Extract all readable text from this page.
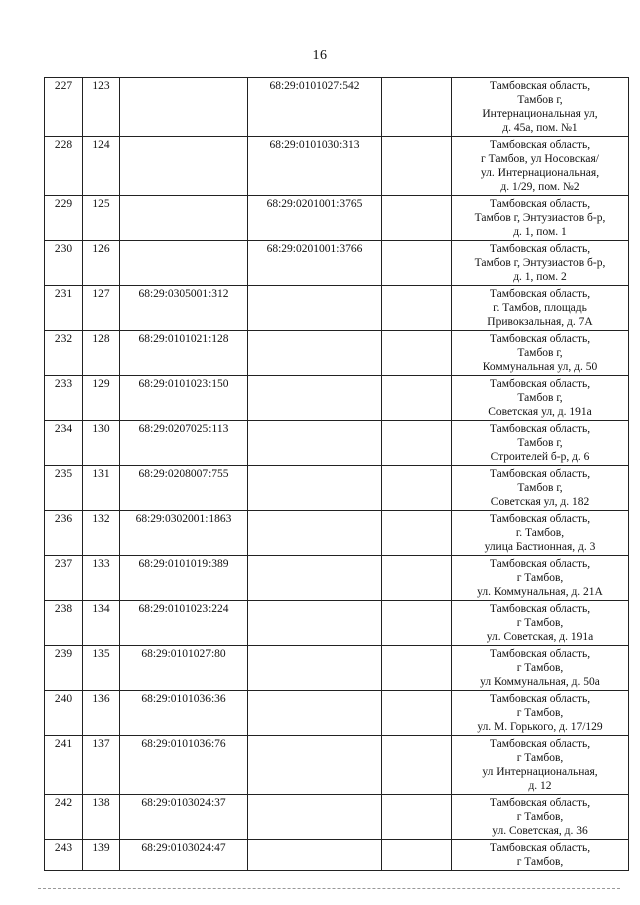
16
227	123		68:29:0101027:542		Тамбовская область,
Тамбов г,
Интернациональная ул,
д. 45а, пом. №1

228	124		68:29:0101030:313		Тамбовская область,
г Тамбов, ул Носовская/
ул. Интернациональная,
д. 1/29, пом. №2

229	125		68:29:0201001:3765		Тамбовская область,
Тамбов г, Энтузиастов б-р,
д. 1, пом. 1

230	126		68:29:0201001:3766		Тамбовская область,
Тамбов г, Энтузиастов б-р,
д. 1, пом. 2

231	127	68:29:0305001:312			Тамбовская область,
г. Тамбов, площадь
Привокзальная, д. 7А

232	128	68:29:0101021:128			Тамбовская область,
Тамбов г,
Коммунальная ул, д. 50

233	129	68:29:0101023:150			Тамбовская область,
Тамбов г,
Советская ул, д. 191а

234	130	68:29:0207025:113			Тамбовская область,
Тамбов г,
Строителей б-р, д. 6

235	131	68:29:0208007:755			Тамбовская область,
Тамбов г,
Советская ул, д. 182

236	132	68:29:0302001:1863			Тамбовская область,
г. Тамбов,
улица Бастионная, д. 3

237	133	68:29:0101019:389			Тамбовская область,
г Тамбов,
ул. Коммунальная, д. 21А

238	134	68:29:0101023:224			Тамбовская область,
г Тамбов,
ул. Советская, д. 191а

239	135	68:29:0101027:80			Тамбовская область,
г Тамбов,
ул Коммунальная, д. 50а

240	136	68:29:0101036:36			Тамбовская область,
г Тамбов,
ул. М. Горького, д. 17/129

241	137	68:29:0101036:76			Тамбовская область,
г Тамбов,
ул Интернациональная,
д. 12

242	138	68:29:0103024:37			Тамбовская область,
г Тамбов,
ул. Советская, д. 36

243	139	68:29:0103024:47			Тамбовская область,
г Тамбов,
